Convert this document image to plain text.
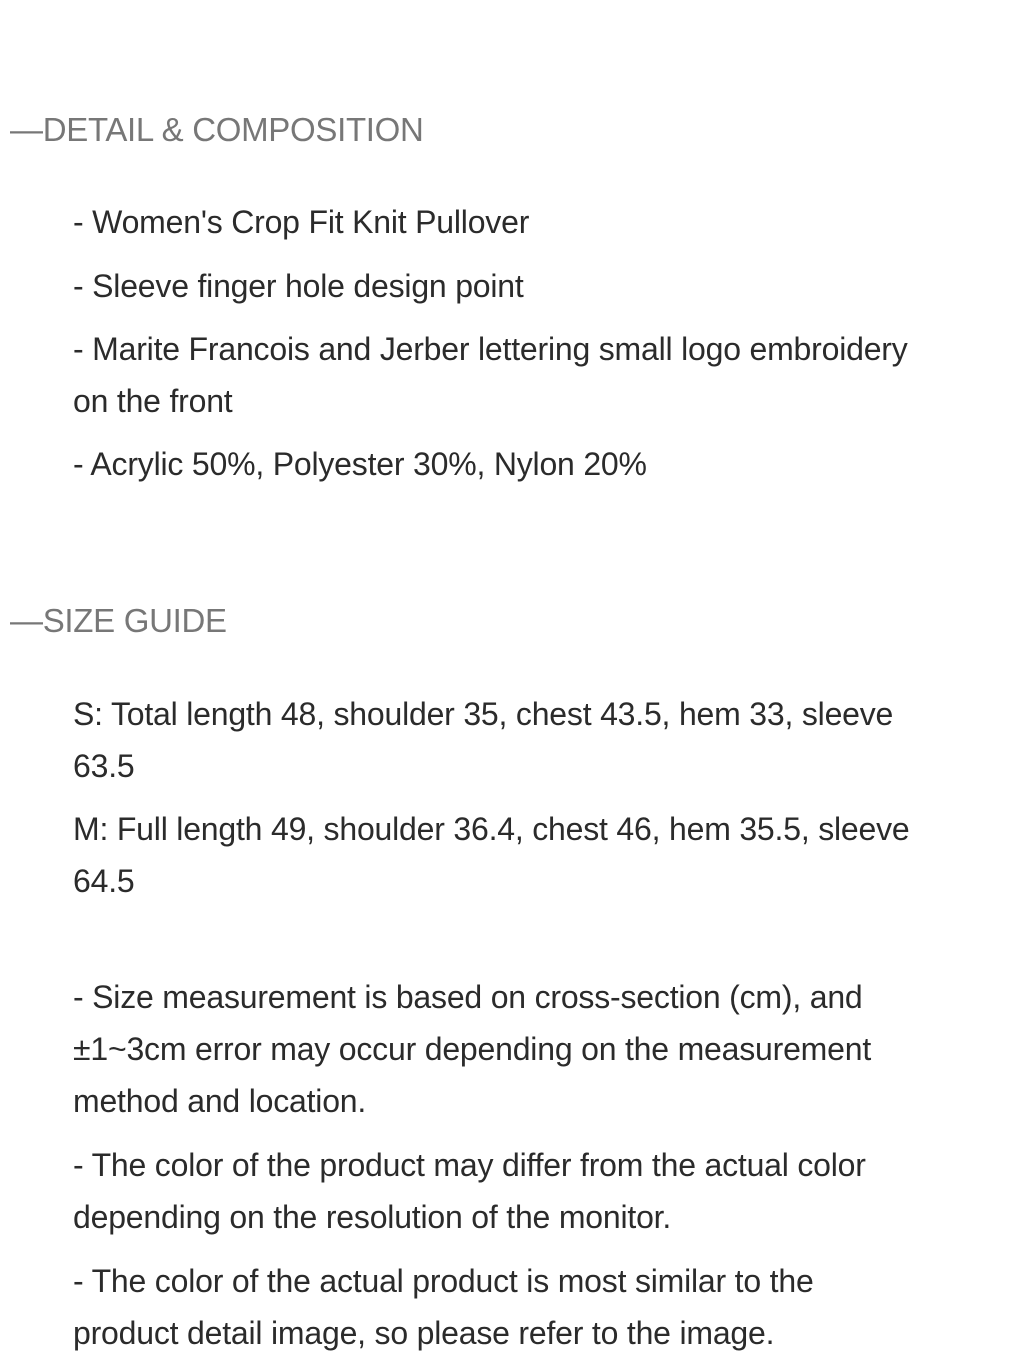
—DETAIL & COMPOSITION
- Women's Crop Fit Knit Pullover
- Sleeve finger hole design point
- Marite Francois and Jerber lettering small logo embroidery
on the front
- Acrylic 50%, Polyester 30%, Nylon 20%
—SIZE GUIDE
S: Total length 48, shoulder 35, chest 43.5, hem 33, sleeve
63.5
M: Full length 49, shoulder 36.4, chest 46, hem 35.5, sleeve
64.5
- Size measurement is based on cross-section (cm), and
±1~3cm error may occur depending on the measurement
method and location.
- The color of the product may differ from the actual color
depending on the resolution of the monitor.
- The color of the actual product is most similar to the
product detail image, so please refer to the image.
